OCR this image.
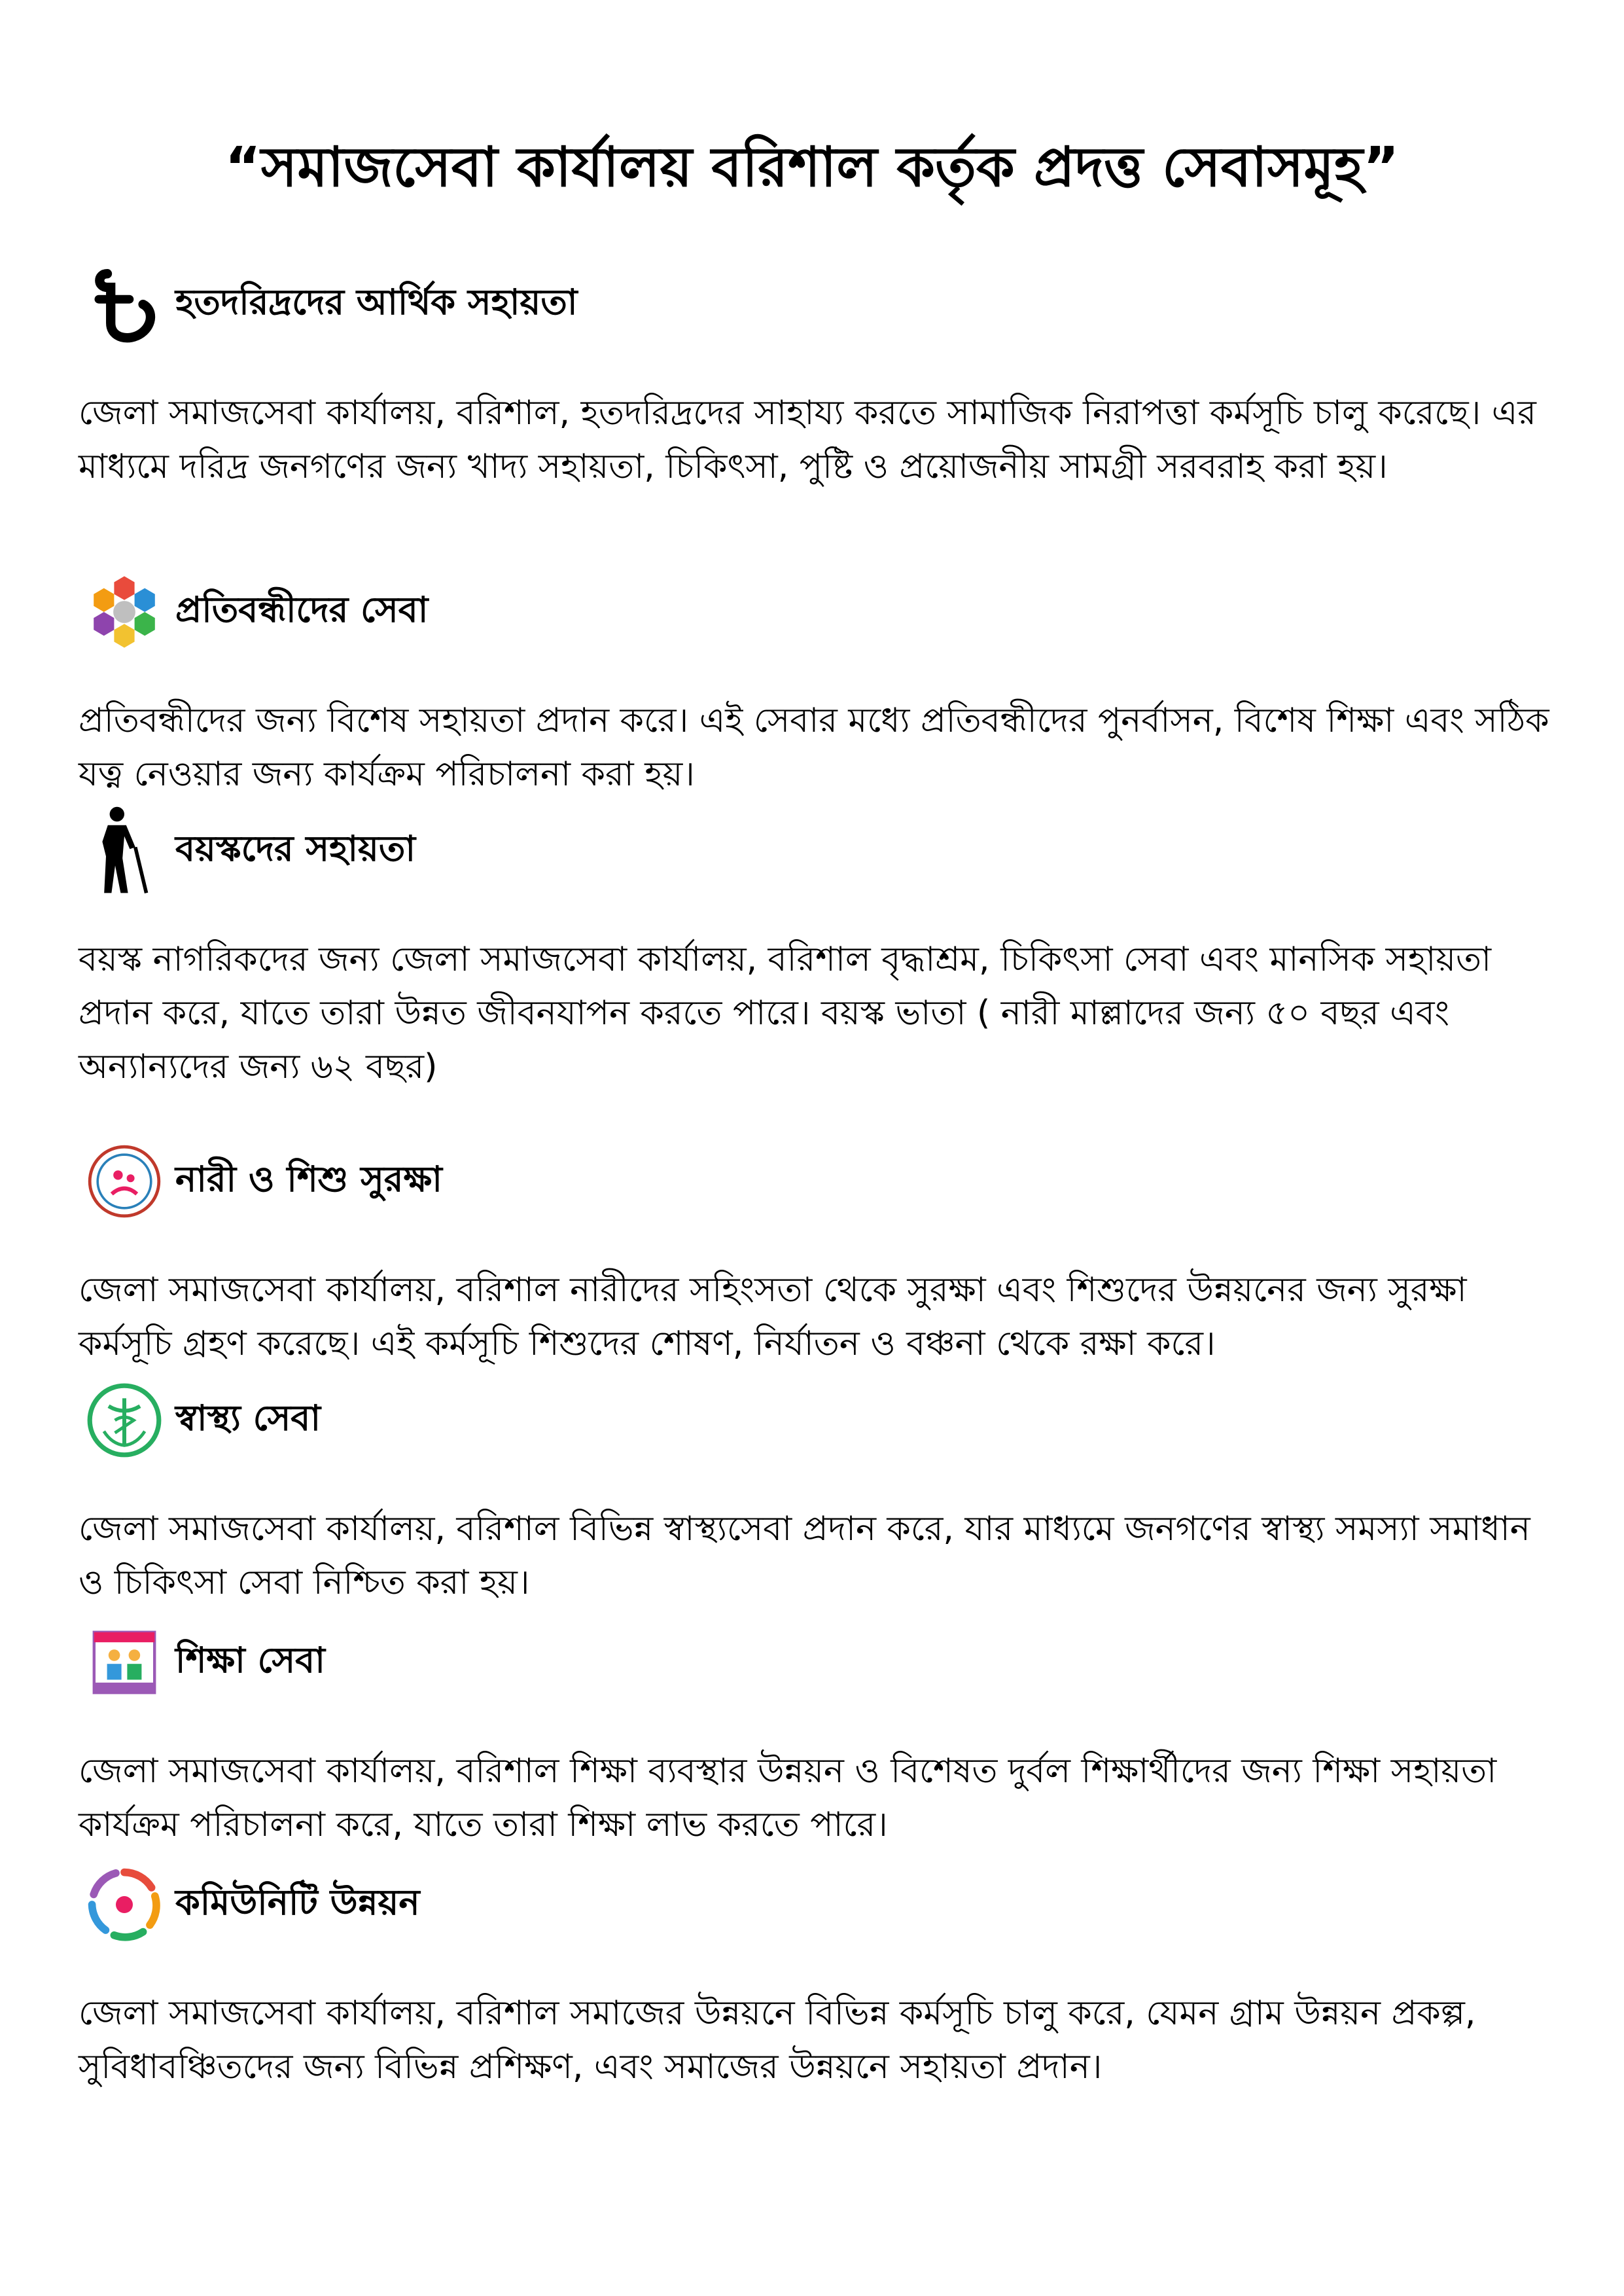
“সমাজসেবা কার্যালয় বরিশাল কর্তৃক প্রদত্ত সেবাসমূহ”
হতদরিদ্রদের আর্থিক সহায়তা
জেলা সমাজসেবা কার্যালয়, বরিশাল, হতদরিদ্রদের সাহায্য করতে সামাজিক নিরাপত্তা কর্মসূচি চালু করেছে। এর মাধ্যমে দরিদ্র জনগণের জন্য খাদ্য সহায়তা, চিকিৎসা, পুষ্টি ও প্রয়োজনীয় সামগ্রী সরবরাহ করা হয়।
প্রতিবন্ধীদের সেবা
প্রতিবন্ধীদের জন্য বিশেষ সহায়তা প্রদান করে। এই সেবার মধ্যে প্রতিবন্ধীদের পুনর্বাসন, বিশেষ শিক্ষা এবং সঠিক যত্ন নেওয়ার জন্য কার্যক্রম পরিচালনা করা হয়।
বয়স্কদের সহায়তা
বয়স্ক নাগরিকদের জন্য জেলা সমাজসেবা কার্যালয়, বরিশাল বৃদ্ধাশ্রম, চিকিৎসা সেবা এবং মানসিক সহায়তা প্রদান করে, যাতে তারা উন্নত জীবনযাপন করতে পারে। বয়স্ক ভাতা ( নারী মাল্লাদের জন্য ৫০ বছর এবং অন্যান্যদের জন্য ৬২ বছর)
নারী ও শিশু সুরক্ষা
জেলা সমাজসেবা কার্যালয়, বরিশাল নারীদের সহিংসতা থেকে সুরক্ষা এবং শিশুদের উন্নয়নের জন্য সুরক্ষা কর্মসূচি গ্রহণ করেছে। এই কর্মসূচি শিশুদের শোষণ, নির্যাতন ও বঞ্চনা থেকে রক্ষা করে।
স্বাস্থ্য সেবা
জেলা সমাজসেবা কার্যালয়, বরিশাল বিভিন্ন স্বাস্থ্যসেবা প্রদান করে, যার মাধ্যমে জনগণের স্বাস্থ্য সমস্যা সমাধান ও চিকিৎসা সেবা নিশ্চিত করা হয়।
শিক্ষা সেবা
জেলা সমাজসেবা কার্যালয়, বরিশাল শিক্ষা ব্যবস্থার উন্নয়ন ও বিশেষত দুর্বল শিক্ষার্থীদের জন্য শিক্ষা সহায়তা কার্যক্রম পরিচালনা করে, যাতে তারা শিক্ষা লাভ করতে পারে।
কমিউনিটি উন্নয়ন
জেলা সমাজসেবা কার্যালয়, বরিশাল সমাজের উন্নয়নে বিভিন্ন কর্মসূচি চালু করে, যেমন গ্রাম উন্নয়ন প্রকল্প, সুবিধাবঞ্চিতদের জন্য বিভিন্ন প্রশিক্ষণ, এবং সমাজের উন্নয়নে সহায়তা প্রদান।
